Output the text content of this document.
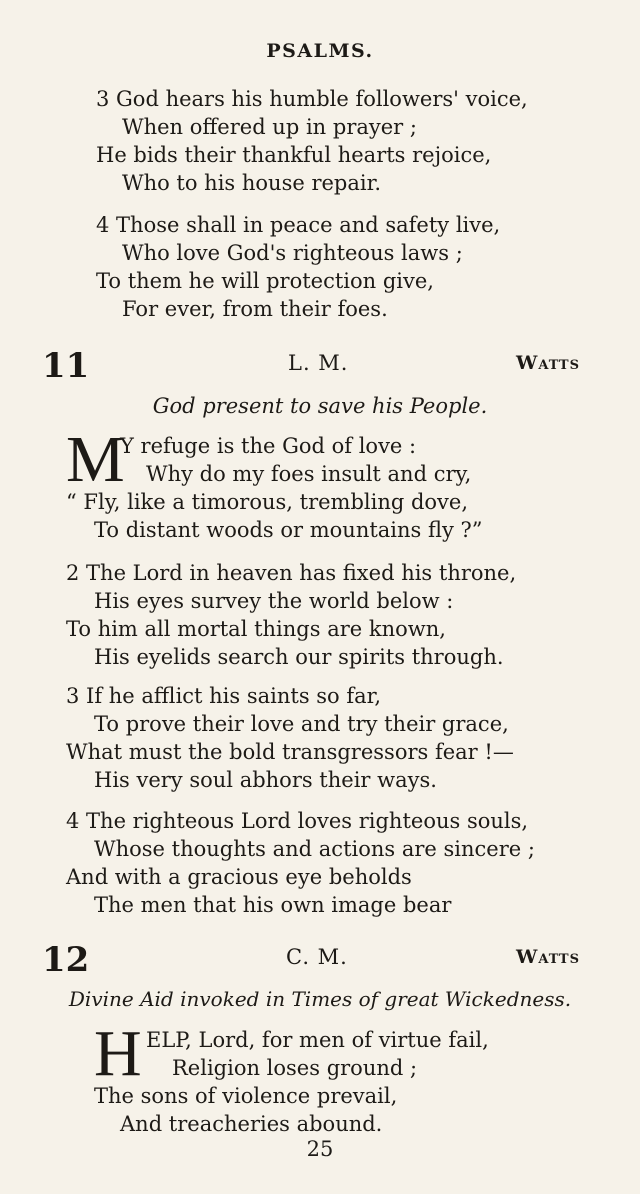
PSALMS.
3 God hears his humble followers' voice,
When offered up in prayer ;
He bids their thankful hearts rejoice,
Who to his house repair.
4 Those shall in peace and safety live,
Who love God's righteous laws ;
To them he will protection give,
For ever, from their foes.
11	L. M.	Watts
God present to save his People.
M
Y refuge is the God of love :
Why do my foes insult and cry,
“ Fly, like a timorous, trembling dove,
To distant woods or mountains fly ?”
2 The Lord in heaven has fixed his throne,
His eyes survey the world below :
To him all mortal things are known,
His eyelids search our spirits through.
3 If he afflict his saints so far,
To prove their love and try their grace,
What must the bold transgressors fear !—
His very soul abhors their ways.
4 The righteous Lord loves righteous souls,
Whose thoughts and actions are sincere ;
And with a gracious eye beholds
The men that his own image bear
12	C. M.	Watts
Divine Aid invoked in Times of great Wickedness.
H ELP, Lord, for men of virtue fail,
Religion loses ground ;
The sons of violence prevail,
And treacheries abound.
25
